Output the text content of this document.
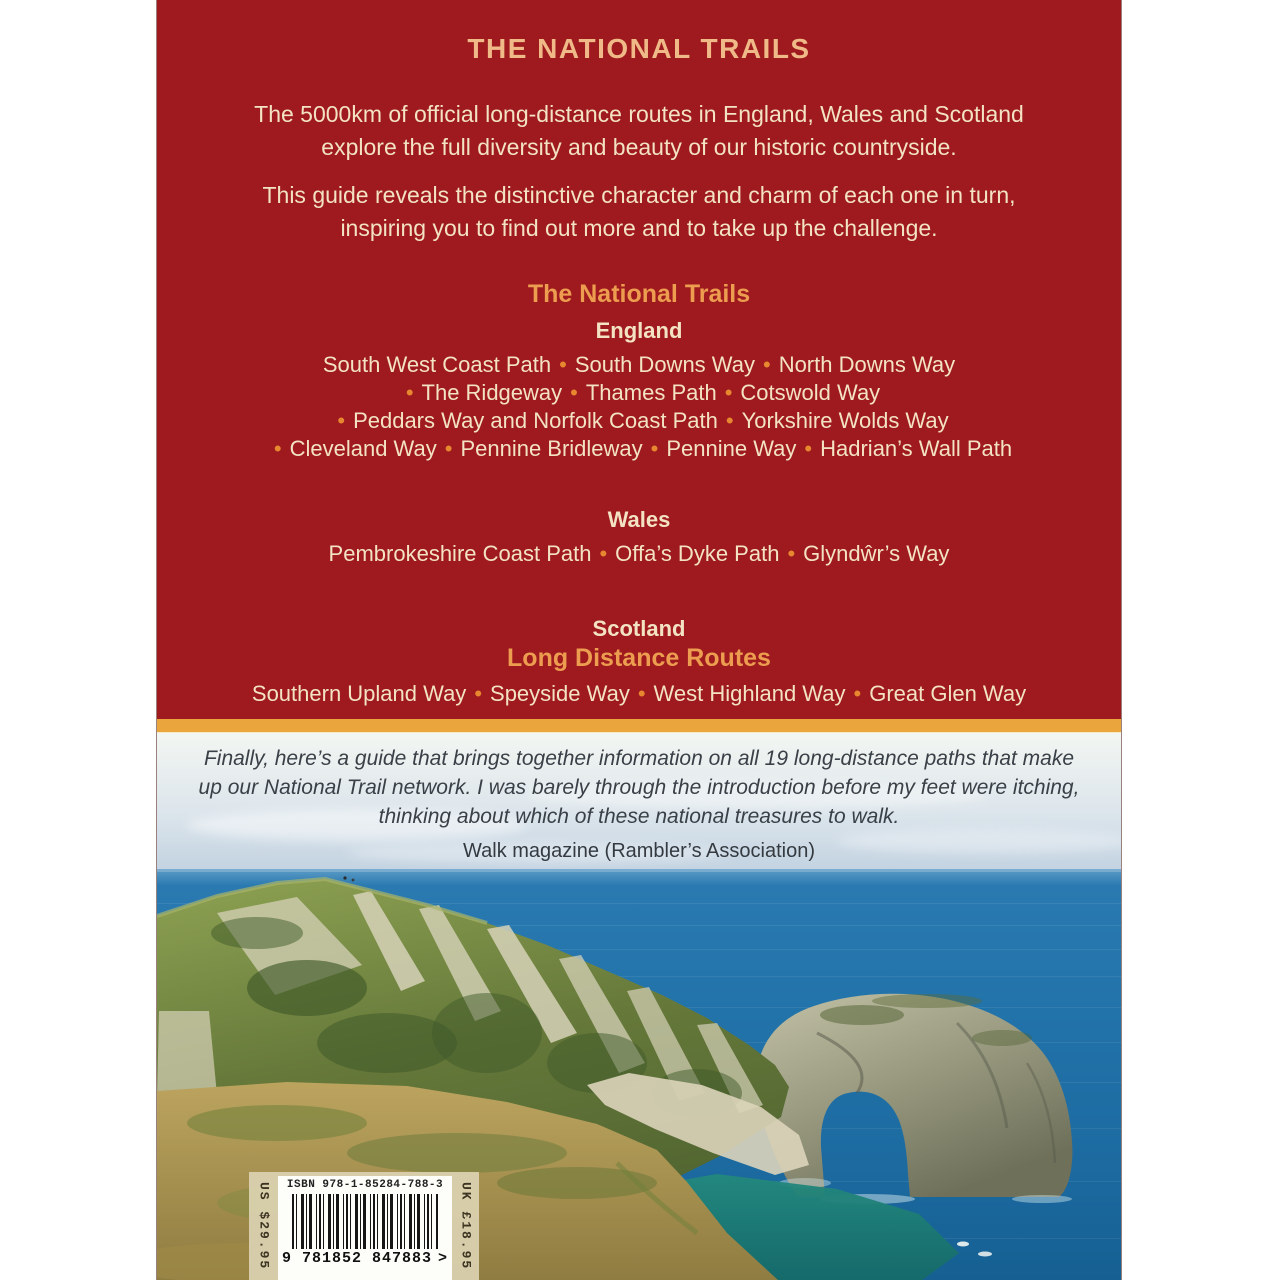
THE NATIONAL TRAILS

The 5000km of official long-distance routes in England, Wales and Scotland explore the full diversity and beauty of our historic countryside.

This guide reveals the distinctive character and charm of each one in turn, inspiring you to find out more and to take up the challenge.

The National Trails
England
South West Coast Path • South Downs Way • North Downs Way
• The Ridgeway • Thames Path • Cotswold Way
• Peddars Way and Norfolk Coast Path • Yorkshire Wolds Way
• Cleveland Way • Pennine Bridleway • Pennine Way • Hadrian’s Wall Path
Wales
Pembrokeshire Coast Path • Offa’s Dyke Path • Glyndŵr’s Way
Scotland
Long Distance Routes
Southern Upland Way • Speyside Way • West Highland Way • Great Glen Way

Finally, here’s a guide that brings together information on all 19 long-distance paths that make up our National Trail network. I was barely through the introduction before my feet were itching, thinking about which of these national treasures to walk.

Walk magazine (Rambler’s Association)

US $29.95	ISBN 978-1-85284-788-3
9 781852 847883 > UK £18.95
